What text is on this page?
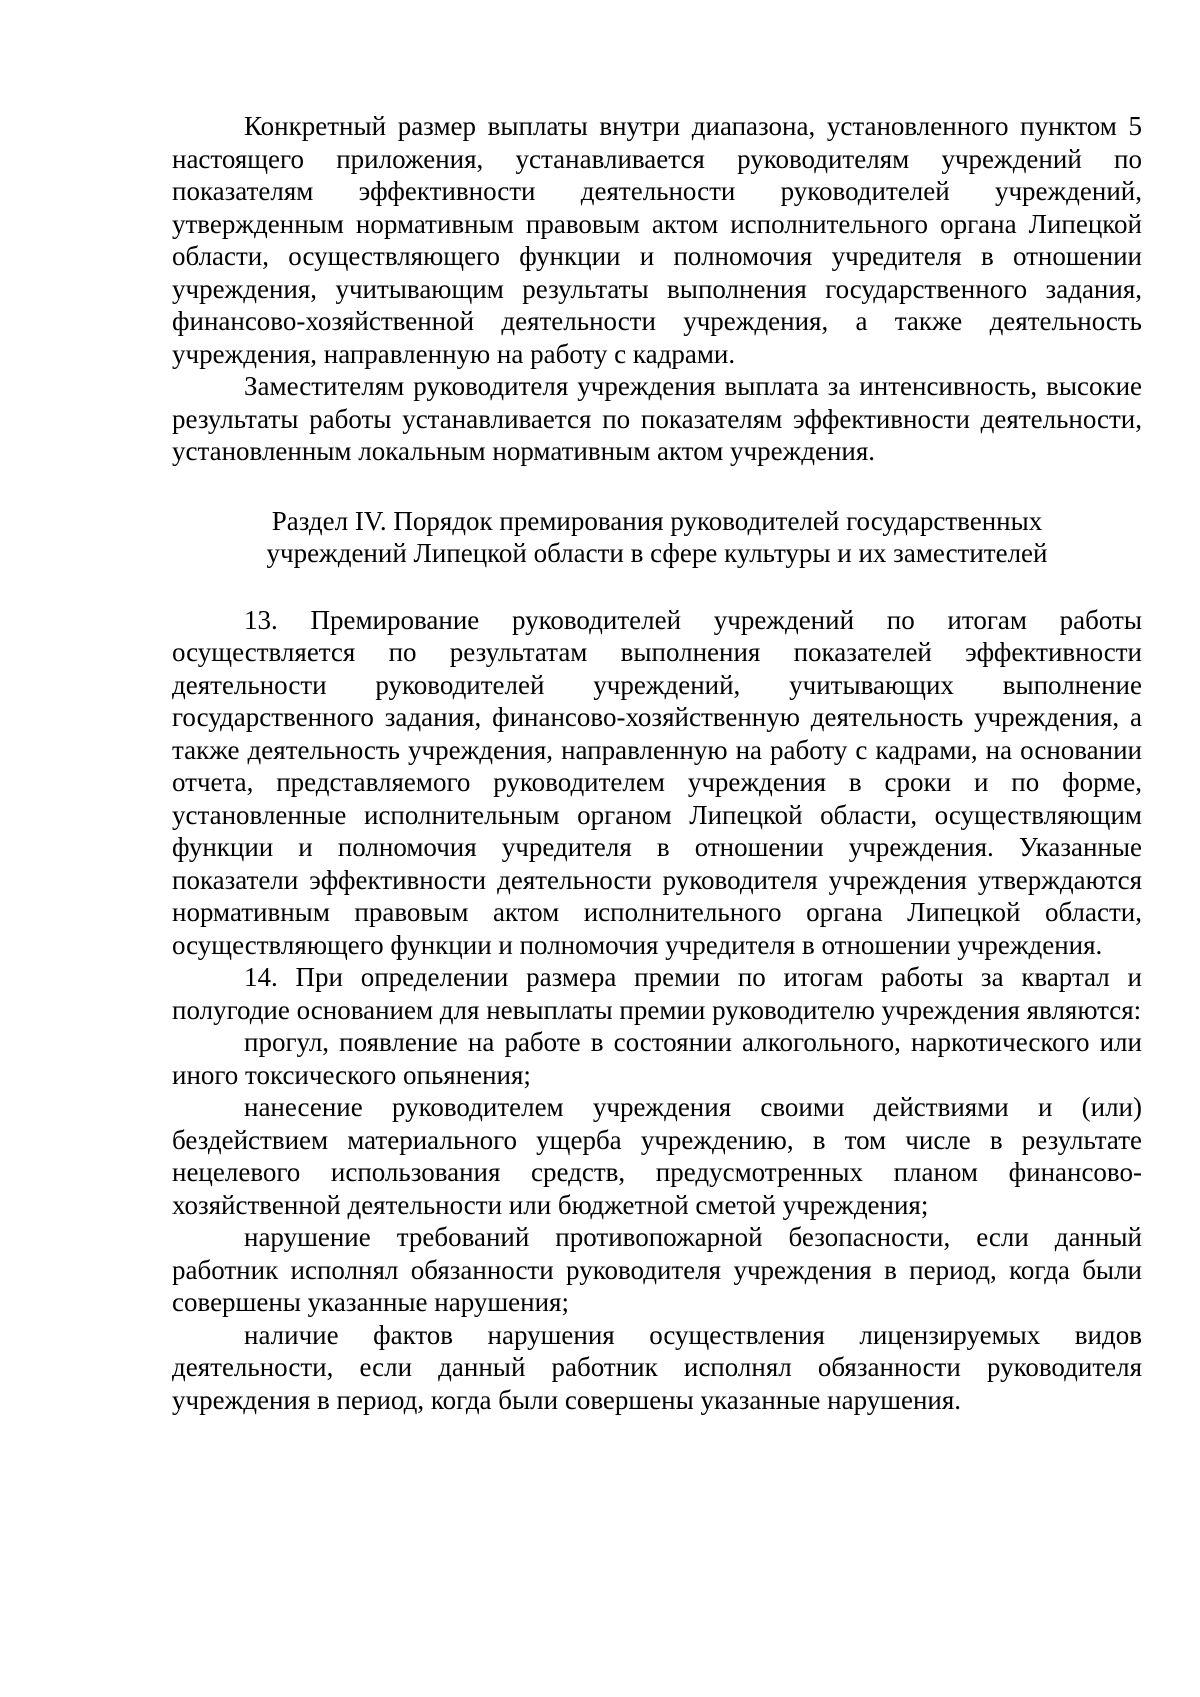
Конкретный размер выплаты внутри диапазона, установленного пунктом 5 настоящего приложения, устанавливается руководителям учреждений по показателям эффективности деятельности руководителей учреждений, утвержденным нормативным правовым актом исполнительного органа Липецкой области, осуществляющего функции и полномочия учредителя в отношении учреждения, учитывающим результаты выполнения государственного задания, финансово-хозяйственной деятельности учреждения, а также деятельность учреждения, направленную на работу с кадрами.

Заместителям руководителя учреждения выплата за интенсивность, высокие результаты работы устанавливается по показателям эффективности деятельности, установленным локальным нормативным актом учреждения.

Раздел IV. Порядок премирования руководителей государственных учреждений Липецкой области в сфере культуры и их заместителей

13. Премирование руководителей учреждений по итогам работы осуществляется по результатам выполнения показателей эффективности деятельности руководителей учреждений, учитывающих выполнение государственного задания, финансово-хозяйственную деятельность учреждения, а также деятельность учреждения, направленную на работу с кадрами, на основании отчета, представляемого руководителем учреждения в сроки и по форме, установленные исполнительным органом Липецкой области, осуществляющим функции и полномочия учредителя в отношении учреждения. Указанные показатели эффективности деятельности руководителя учреждения утверждаются нормативным правовым актом исполнительного органа Липецкой области, осуществляющего функции и полномочия учредителя в отношении учреждения.

14. При определении размера премии по итогам работы за квартал и полугодие основанием для невыплаты премии руководителю учреждения являются:

прогул, появление на работе в состоянии алкогольного, наркотического или иного токсического опьянения;

нанесение руководителем учреждения своими действиями и (или) бездействием материального ущерба учреждению, в том числе в результате нецелевого использования средств, предусмотренных планом финансово-хозяйственной деятельности или бюджетной сметой учреждения;

нарушение требований противопожарной безопасности, если данный работник исполнял обязанности руководителя учреждения в период, когда были совершены указанные нарушения;

наличие фактов нарушения осуществления лицензируемых видов деятельности, если данный работник исполнял обязанности руководителя учреждения в период, когда были совершены указанные нарушения.
